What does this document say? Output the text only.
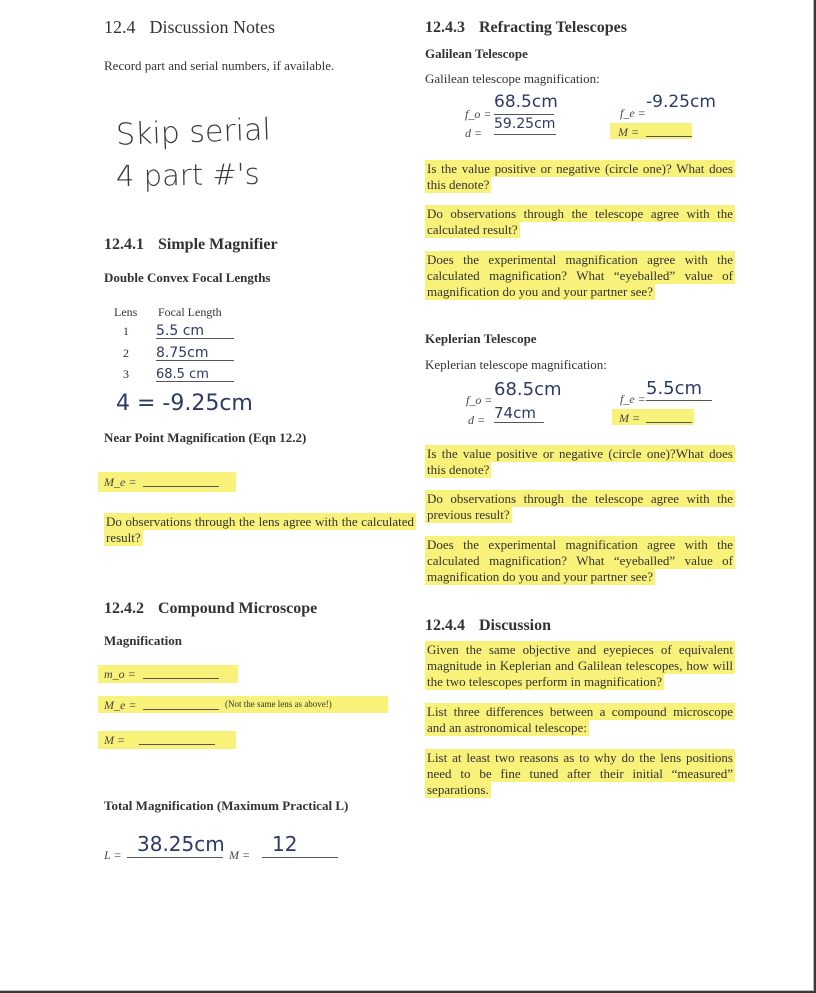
12.4 Discussion Notes
Record part and serial numbers, if available.
Skip serial
4 part #'s
12.4.1 Simple Magnifier
Double Convex Focal Lengths
Lens Focal Length
1 5.5 cm
2 8.75cm
3 68.5 cm
4 = -9.25cm
Near Point Magnification (Eqn 12.2)
M_e =
Do observations through the lens agree with the calculated result?
12.4.2 Compound Microscope
Magnification
m_o =
M_e =	(Not the same lens as above!)
M =
Total Magnification (Maximum Practical L)
L = 38.25cm M = 12
12.4.3 Refracting Telescopes
Galilean Telescope
Galilean telescope magnification:
f_o =
68.5cm
d =
59.25cm
f_e =
-9.25cm
M =
Is the value positive or negative (circle one)? What does this denote?
Do observations through the telescope agree with the calculated result?
Does the experimental magnification agree with the calculated magnification? What “eyeballed” value of magnification do you and your partner see?
Keplerian Telescope
Keplerian telescope magnification:
f_o = 68.5cm
d = 74cm
f_e = 5.5cm
M =
Is the value positive or negative (circle one)?What does this denote?
Do observations through the telescope agree with the previous result?
Does the experimental magnification agree with the calculated magnification? What “eyeballed” value of magnification do you and your partner see?
12.4.4 Discussion
Given the same objective and eyepieces of equivalent magnitude in Keplerian and Galilean telescopes, how will the two telescopes perform in magnification?
List three differences between a compound microscope and an astronomical telescope:
List at least two reasons as to why do the lens positions need to be fine tuned after their initial “measured” separations.
